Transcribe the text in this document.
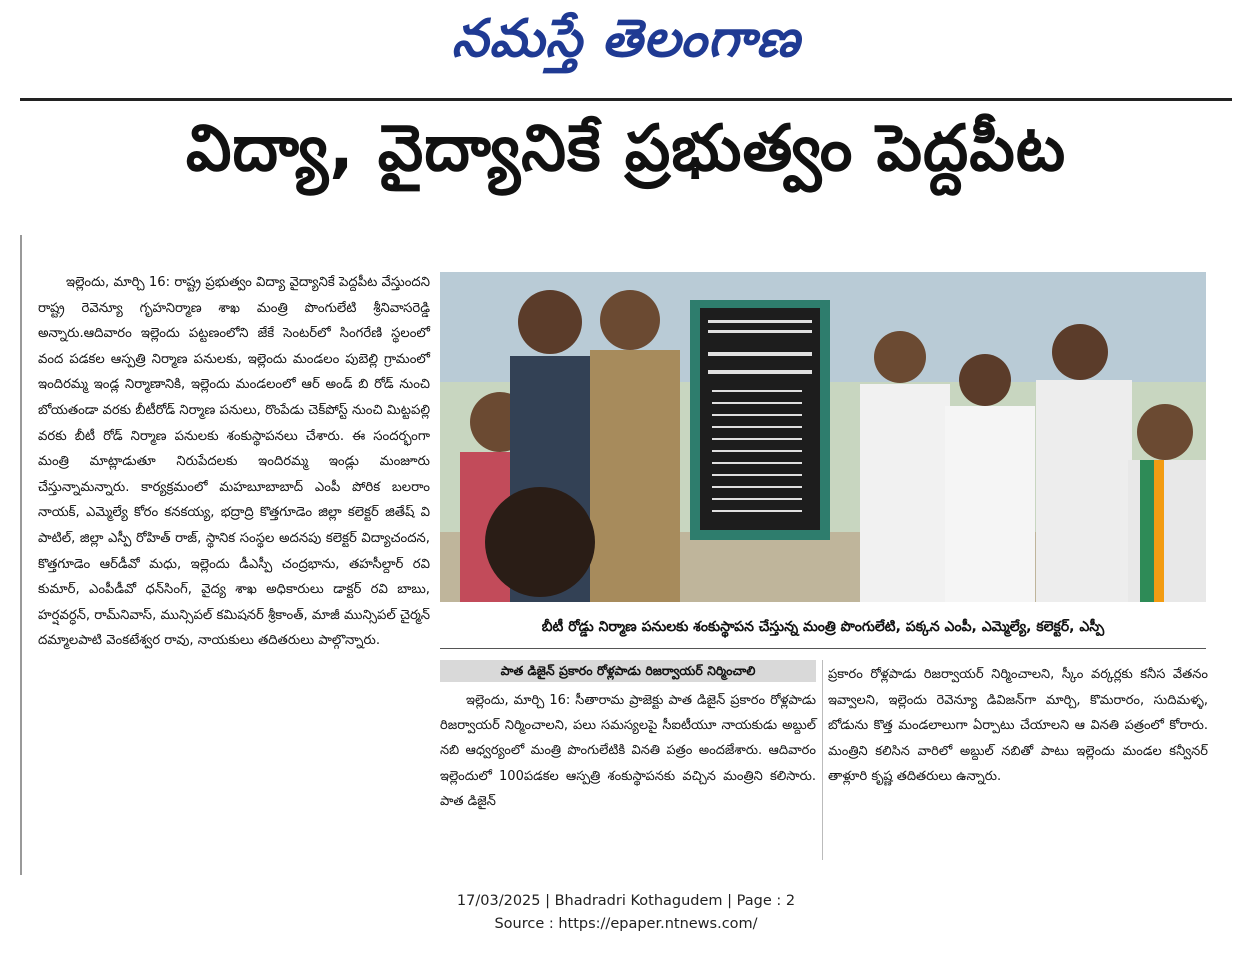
నమస్తే తెలంగాణ
విద్యా, వైద్యానికే ప్రభుత్వం పెద్దపీట

ఇల్లెందు, మార్చి 16: రాష్ట్ర ప్రభుత్వం విద్యా వైద్యానికే పెద్దపీట వేస్తుందని రాష్ట్ర రెవెన్యూ గృహనిర్మాణ శాఖ మంత్రి పొంగులేటి శ్రీనివాసరెడ్డి అన్నారు.ఆదివారం ఇల్లెందు పట్టణంలోని జేకే సెంటర్‌లో సింగరేణి స్థలంలో వంద పడకల ఆస్పత్రి నిర్మాణ పనులకు, ఇల్లెందు మండలం పుబెల్లి గ్రామంలో ఇందిరమ్మ ఇండ్ల నిర్మాణానికి, ఇల్లెందు మండలంలో ఆర్ అండ్ బి రోడ్ నుంచి బోయతండా వరకు బీటీరోడ్ నిర్మాణ పనులు, రొంపేడు చెక్‌పోస్ట్ నుంచి మిట్టపల్లి వరకు బీటీ రోడ్ నిర్మాణ పనులకు శంకుస్థాపనలు చేశారు. ఈ సందర్భంగా మంత్రి మాట్లాడుతూ నిరుపేదలకు ఇందిరమ్మ ఇండ్లు మంజూరు చేస్తున్నామన్నారు. కార్యక్రమంలో మహబూబాబాద్ ఎంపీ పోరిక బలరాం నాయక్, ఎమ్మెల్యే కోరం కనకయ్య, భద్రాద్రి కొత్తగూడెం జిల్లా కలెక్టర్ జితేష్ వి పాటిల్, జిల్లా ఎస్పీ రోహిత్ రాజ్, స్థానిక సంస్థల అదనపు కలెక్టర్ విద్యాచందన, కొత్తగూడెం ఆర్‌డీవో మధు, ఇల్లెందు డీఎస్పీ చంద్రభాను, తహసీల్దార్ రవి కుమార్, ఎంపీడీవో ధన్‌సింగ్, వైద్య శాఖ అధికారులు డాక్టర్ రవి బాబు, హర్షవర్ధన్, రామ్‌నివాస్, మున్సిపల్ కమిషనర్ శ్రీకాంత్, మాజీ మున్సిపల్ చైర్మన్ దమ్మాలపాటి వెంకటేశ్వర రావు, నాయకులు తదితరులు పాల్గొన్నారు.

బీటీ రోడ్డు నిర్మాణ పనులకు శంకుస్థాపన చేస్తున్న మంత్రి పొంగులేటి, పక్కన ఎంపీ, ఎమ్మెల్యే, కలెక్టర్, ఎస్పీ
పాత డిజైన్ ప్రకారం రోళ్లపాడు రిజర్వాయర్ నిర్మించాలి

ఇల్లెందు, మార్చి 16: సీతారామ ప్రాజెక్టు పాత డిజైన్ ప్రకారం రోళ్లపాడు రిజర్వాయర్ నిర్మించాలని, పలు సమస్యలపై సీఐటీయూ నాయకుడు అబ్దుల్ నబి ఆధ్వర్యంలో మంత్రి పొంగులేటికి వినతి పత్రం అందజేశారు. ఆదివారం ఇల్లెందులో 100పడకల ఆస్పత్రి శంకుస్థాపనకు వచ్చిన మంత్రిని కలిసారు. పాత డిజైన్

ప్రకారం రోళ్లపాడు రిజర్వాయర్ నిర్మించాలని, స్కీం వర్కర్లకు కనీస వేతనం ఇవ్వాలని, ఇల్లెందు రెవెన్యూ డివిజన్‌గా మార్చి, కొమరారం, సుదిమళ్ళ, బోడును కొత్త మండలాలుగా ఏర్పాటు చేయాలని ఆ వినతి పత్రంలో కోరారు. మంత్రిని కలిసిన వారిలో అబ్దుల్ నబితో పాటు ఇల్లెందు మండల కన్వీనర్ తాళ్లూరి కృష్ణ తదితరులు ఉన్నారు.

17/03/2025 | Bhadradri Kothagudem | Page : 2
Source : https://epaper.ntnews.com/
